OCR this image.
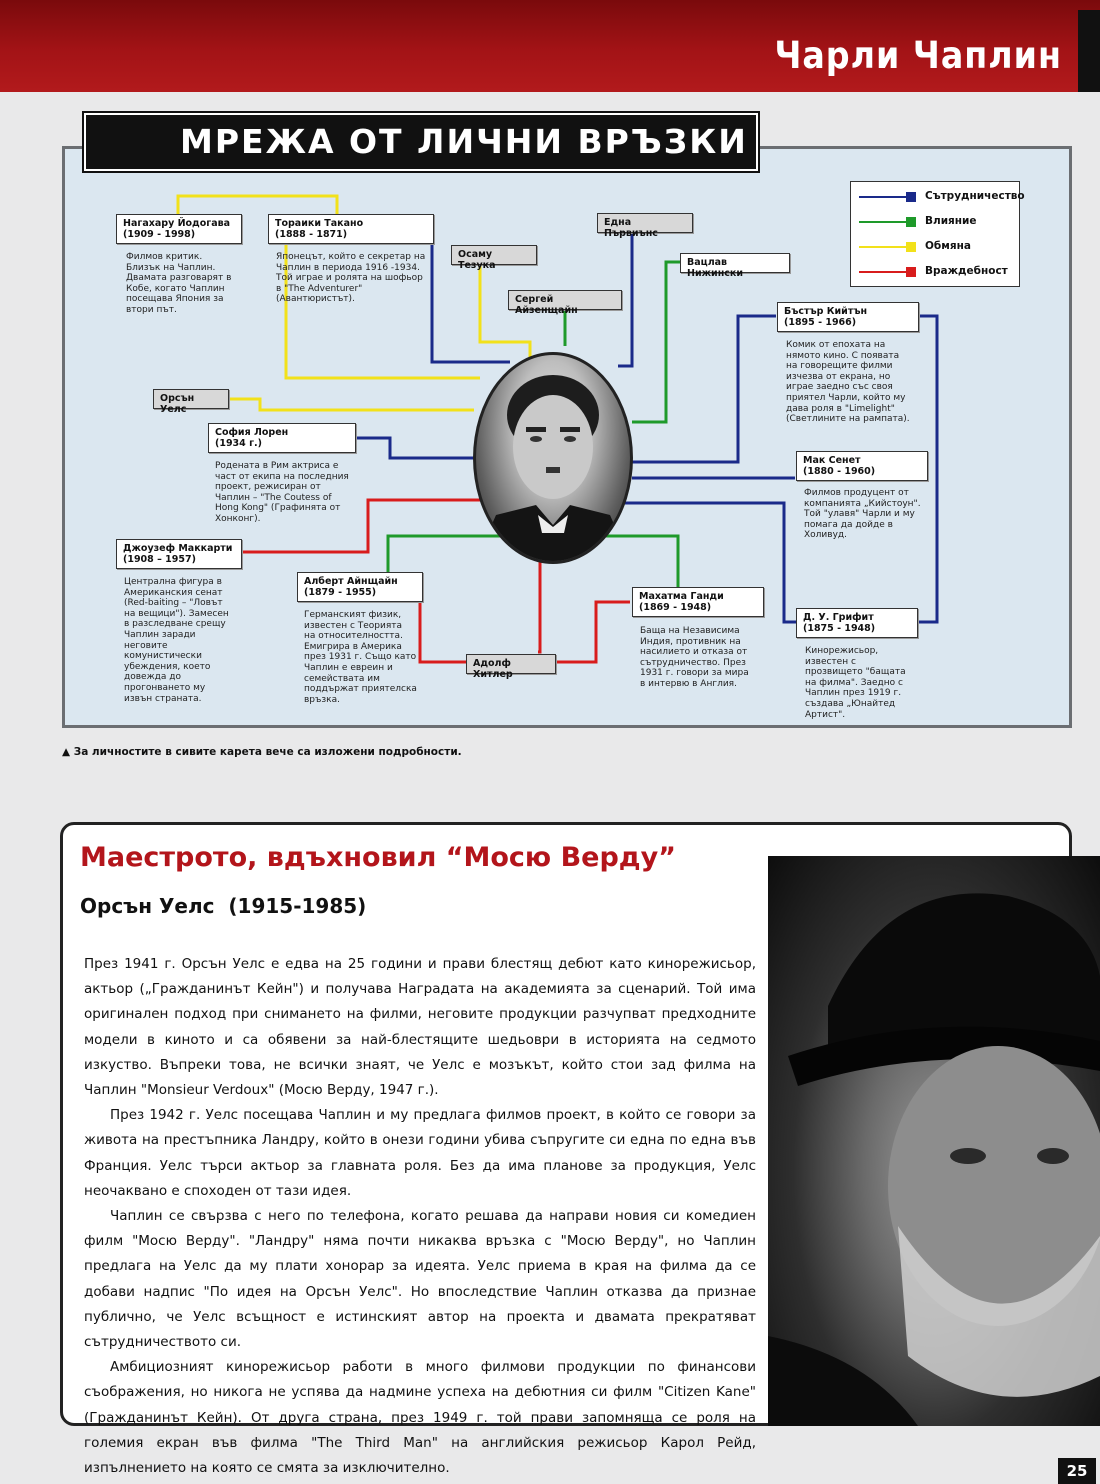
Чарли Чаплин
МРЕЖА ОТ ЛИЧНИ ВРЪЗКИ
Сътрудничество
Влияние
Обмяна
Враждебност
Нагахару Йодогава
(1909 - 1998)
Филмов критик.
Близък на Чаплин.
Двамата разговарят в
Кобе, когато Чаплин
посещава Япония за
втори път.
Тораики Такано
(1888 - 1871)
Японецът, който е секретар на
Чаплин в периода 1916 -1934.
Той играе и ролята на шофьор
в "The Adventurer"
(Авантюристът).
Осаму Тезука
Една Първиънс
Вацлав Нижински
Сергей Айзенщайн
Орсън Уелс
София Лорен
(1934 г.)
Родената в Рим актриса е
част от екипа на последния
проект, режисиран от
Чаплин – "The Coutess of
Hong Kong" (Графинята от
Хонконг).
Джоузеф Маккарти
(1908 – 1957)
Централна фигура в
Американския сенат
(Red-baiting – "Ловът
на вещици"). Замесен
в разследване срещу
Чаплин заради
неговите
комунистически
убеждения, което
довежда до
прогонването му
извън страната.
Алберт Айнщайн
(1879 - 1955)
Германският физик,
известен с Теорията
на относителността.
Емигрира в Америка
през 1931 г. Също като
Чаплин е евреин и
семействата им
поддържат приятелска
връзка.
Адолф Хитлер
Махатма Ганди
(1869 - 1948)
Баща на Независима
Индия, противник на
насилието и отказа от
сътрудничество. През
1931 г. говори за мира
в интервю в Англия.
Бъстър Кийтън
(1895 - 1966)
Комик от епохата на
нямото кино. С появата
на говорещите филми
изчезва от екрана, но
играе заедно със своя
приятел Чарли, който му
дава роля в "Limelight"
(Светлините на рампата).
Мак Сенет
(1880 - 1960)
Филмов продуцент от
компанията „Кийстоун".
Той "улавя" Чарли и му
помага да дойде в
Холивуд.
Д. У. Грифит
(1875 - 1948)
Кинорежисьор,
известен с
прозвището "бащата
на филма". Заедно с
Чаплин през 1919 г.
създава „Юнайтед
Артист".
▲ За личностите в сивите карета вече са изложени подробности.
Маестрото, вдъхновил “Мосю Верду”
Орсън Уелс  (1915-1985)

През 1941 г. Орсън Уелс е едва на 25 години и прави блестящ дебют като кинорежисьор, актьор („Гражданинът Кейн") и получава Наградата на академията за сценарий. Той има оригинален подход при снимането на филми, неговите продукции разчупват предходните модели в киното и са обявени за най-блестящите шедьоври в историята на седмото изкуство. Въпреки това, не всички знаят, че Уелс е мозъкът, който стои зад филма на Чаплин "Monsieur Verdoux" (Мосю Верду, 1947 г.).

През 1942 г. Уелс посещава Чаплин и му предлага филмов проект, в който се говори за живота на престъпника Ландру, който в онези години убива съпругите си една по една във Франция. Уелс търси актьор за главната роля. Без да има планове за продукция, Уелс неочаквано е споходен от тази идея.

Чаплин се свързва с него по телефона, когато решава да направи новия си комедиен филм "Мосю Верду". "Ландру" няма почти никаква връзка с "Мосю Верду", но Чаплин предлага на Уелс да му плати хонорар за идеята. Уелс приема в края на филма да се добави надпис "По идея на Орсън Уелс". Но впоследствие Чаплин отказва да признае публично, че Уелс всъщност е истинският автор на проекта и двамата прекратяват сътрудничеството си.

Амбициозният кинорежисьор работи в много филмови продукции по финансови съображения, но никога не успява да надмине успеха на дебютния си филм "Citizen Kane" (Гражданинът Кейн). От друга страна, през 1949 г. той прави запомняща се роля на големия екран във филма "The Third Man" на английския режисьор Карол Рейд, изпълнението на която се смята за изключително.	25
